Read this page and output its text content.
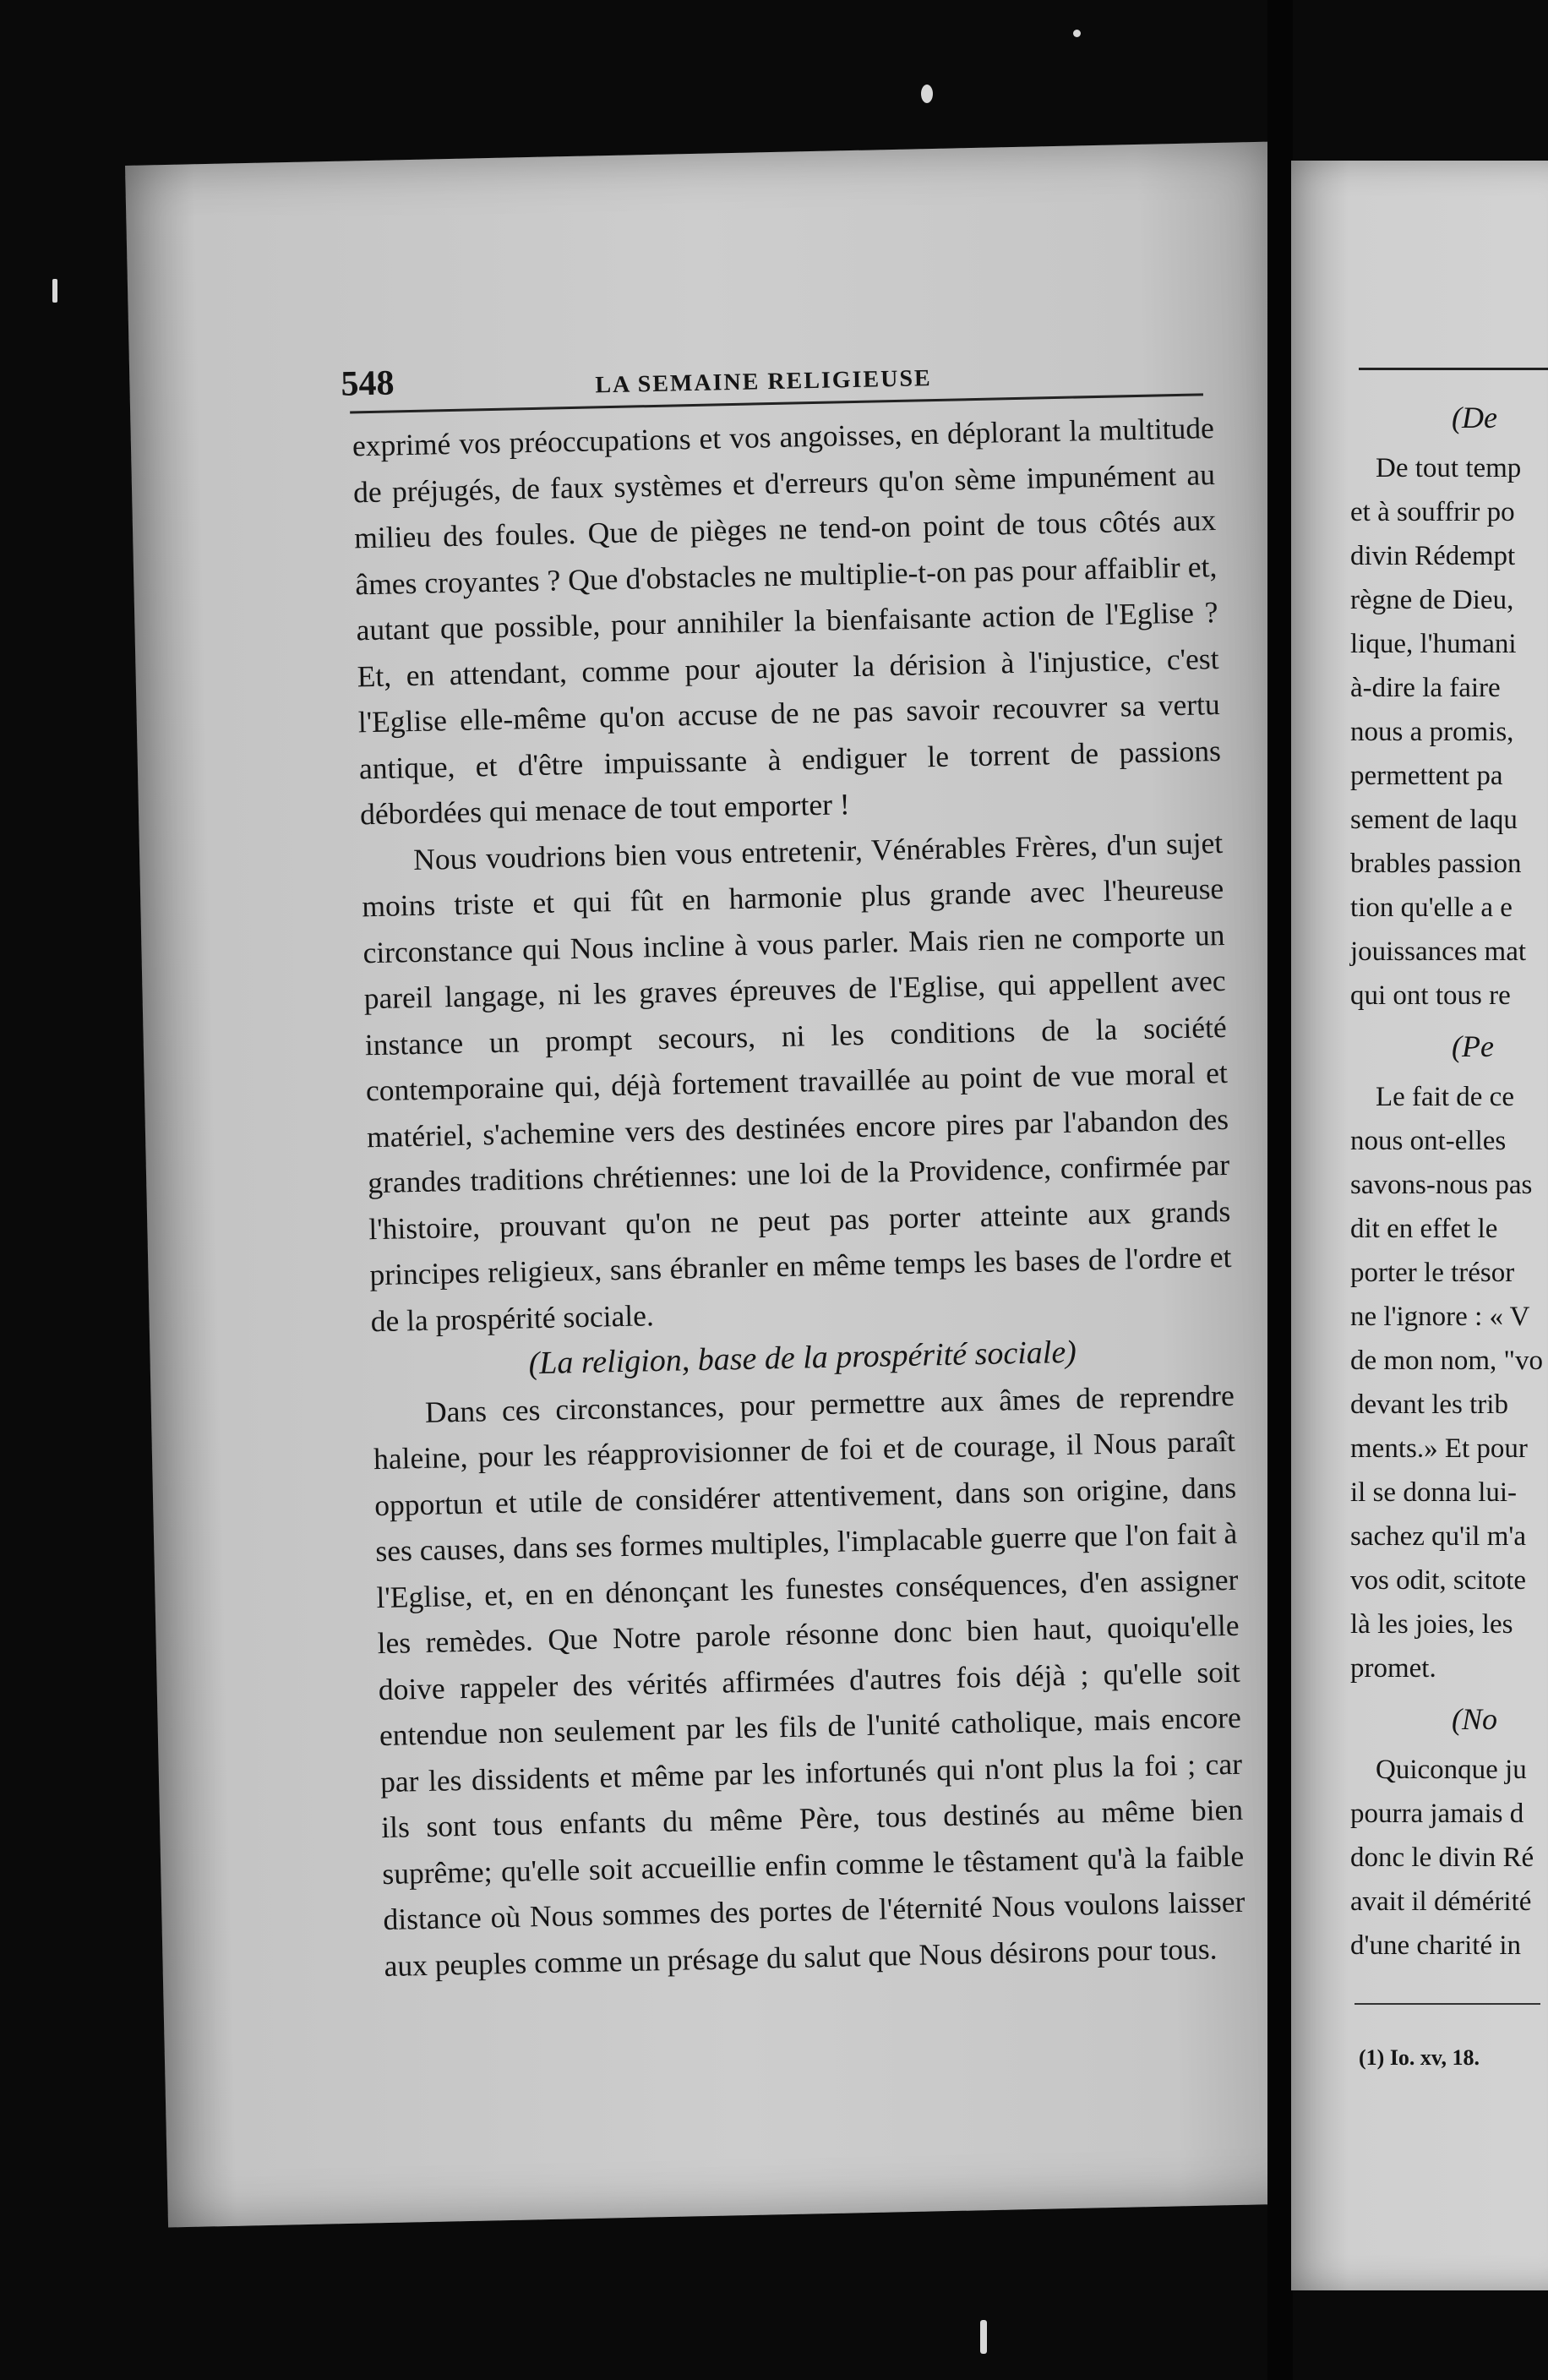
548	LA SEMAINE RELIGIEUSE

exprimé vos préoccupations et vos angoisses, en déplorant la multitude de préjugés, de faux systèmes et d'erreurs qu'on sème impunément au milieu des foules. Que de pièges ne tend-on point de tous côtés aux âmes croyantes ? Que d'obstacles ne multiplie-t-on pas pour affaiblir et, autant que possible, pour annihiler la bienfaisante action de l'Eglise ? Et, en attendant, comme pour ajouter la dérision à l'injustice, c'est l'Eglise elle-même qu'on accuse de ne pas savoir recouvrer sa vertu antique, et d'être impuissante à endiguer le torrent de passions débordées qui menace de tout emporter !

Nous voudrions bien vous entretenir, Vénérables Frères, d'un sujet moins triste et qui fût en harmonie plus grande avec l'heureuse circonstance qui Nous incline à vous parler. Mais rien ne comporte un pareil langage, ni les graves épreuves de l'Eglise, qui appellent avec instance un prompt secours, ni les conditions de la société contemporaine qui, déjà fortement travaillée au point de vue moral et matériel, s'achemine vers des destinées encore pires par l'abandon des grandes traditions chrétiennes: une loi de la Providence, confirmée par l'histoire, prouvant qu'on ne peut pas porter atteinte aux grands principes religieux, sans ébranler en même temps les bases de l'ordre et de la prospérité sociale.

(La religion, base de la prospérité sociale)

Dans ces circonstances, pour permettre aux âmes de reprendre haleine, pour les réapprovisionner de foi et de courage, il Nous paraît opportun et utile de considérer attentivement, dans son origine, dans ses causes, dans ses formes multiples, l'implacable guerre que l'on fait à l'Eglise, et, en en dénonçant les funestes conséquences, d'en assigner les remèdes. Que Notre parole résonne donc bien haut, quoiqu'elle doive rappeler des vérités affirmées d'autres fois déjà ; qu'elle soit entendue non seulement par les fils de l'unité catholique, mais encore par les dissidents et même par les infortunés qui n'ont plus la foi ; car ils sont tous enfants du même Père, tous destinés au même bien suprême; qu'elle soit accueillie enfin comme le têstament qu'à la faible distance où Nous sommes des portes de l'éternité Nous voulons laisser aux peuples comme un présage du salut que Nous désirons pour tous.

(De
De tout temp
et à souffrir po
divin Rédempt
règne de Dieu,
lique, l'humani
à-dire la faire
nous a promis,
permettent pa
sement de laqu
brables passion
tion qu'elle a e
jouissances mat
qui ont tous re
(Pe
Le fait de ce
nous ont-elles
savons-nous pas
dit en effet le
porter le trésor
ne l'ignore : « V
de mon nom, "vo
devant les trib
ments.» Et pour
il se donna lui-
sachez qu'il m'a
vos odit, scitote
là les joies, les
promet.
(No
Quiconque ju
pourra jamais d
donc le divin Ré
avait il démérité
d'une charité in
(1) Io. xv, 18.
